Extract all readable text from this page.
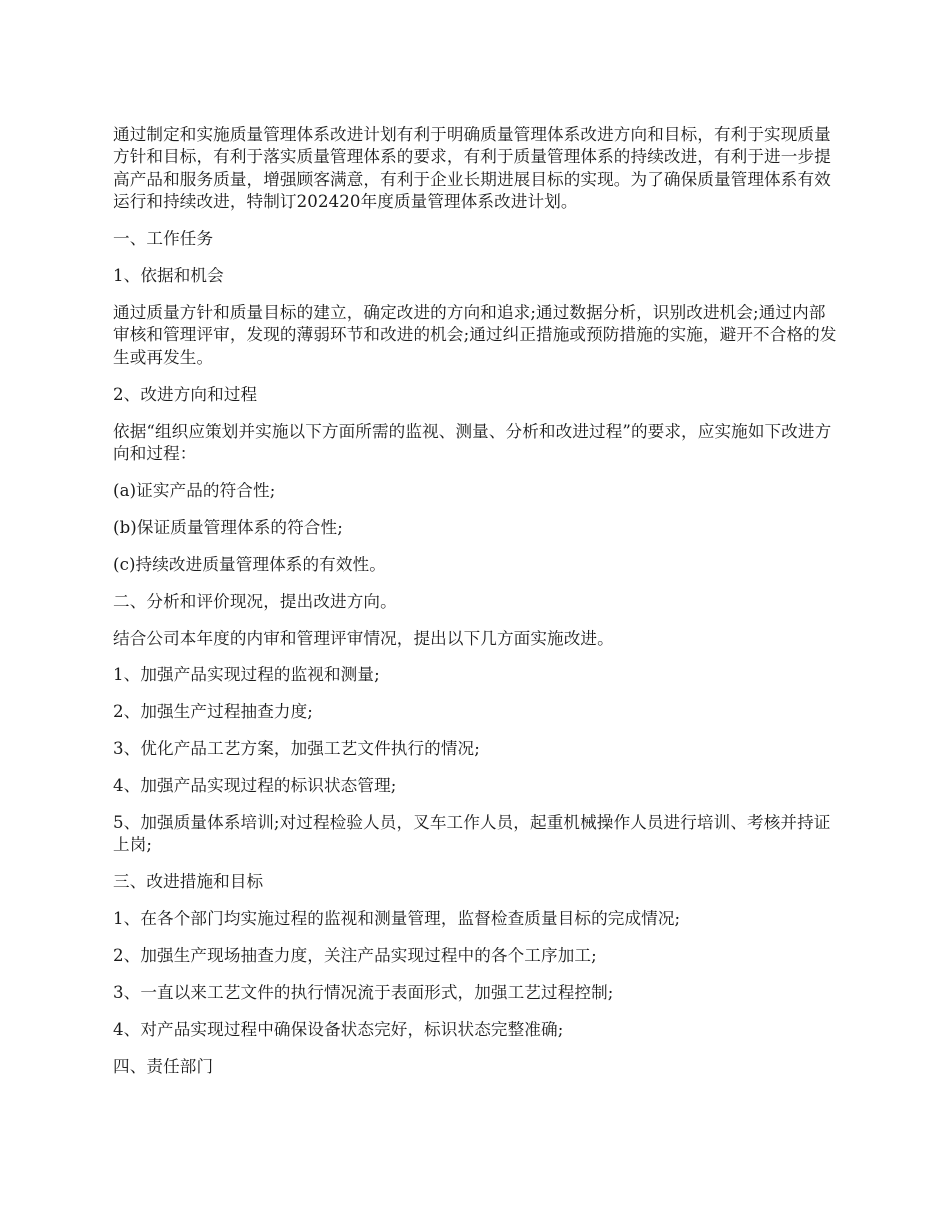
通过制定和实施质量管理体系改进计划有利于明确质量管理体系改进方向和目标，有利于实现质量方针和目标，有利于落实质量管理体系的要求，有利于质量管理体系的持续改进，有利于进一步提高产品和服务质量，增强顾客满意，有利于企业长期进展目标的实现。为了确保质量管理体系有效运行和持续改进，特制订202420年度质量管理体系改进计划。

一、工作任务

1、依据和机会

通过质量方针和质量目标的建立，确定改进的方向和追求;通过数据分析，识别改进机会;通过内部审核和管理评审，发现的薄弱环节和改进的机会;通过纠正措施或预防措施的实施，避开不合格的发生或再发生。

2、改进方向和过程

依据“组织应策划并实施以下方面所需的监视、测量、分析和改进过程”的要求，应实施如下改进方向和过程：

(a)证实产品的符合性;

(b)保证质量管理体系的符合性;

(c)持续改进质量管理体系的有效性。

二、分析和评价现况，提出改进方向。

结合公司本年度的内审和管理评审情况，提出以下几方面实施改进。

1、加强产品实现过程的监视和测量;

2、加强生产过程抽查力度;

3、优化产品工艺方案，加强工艺文件执行的情况;

4、加强产品实现过程的标识状态管理;

5、加强质量体系培训;对过程检验人员，叉车工作人员，起重机械操作人员进行培训、考核并持证上岗;

三、改进措施和目标

1、在各个部门均实施过程的监视和测量管理，监督检查质量目标的完成情况;

2、加强生产现场抽查力度，关注产品实现过程中的各个工序加工;

3、一直以来工艺文件的执行情况流于表面形式，加强工艺过程控制;

4、对产品实现过程中确保设备状态完好，标识状态完整准确;

四、责任部门
